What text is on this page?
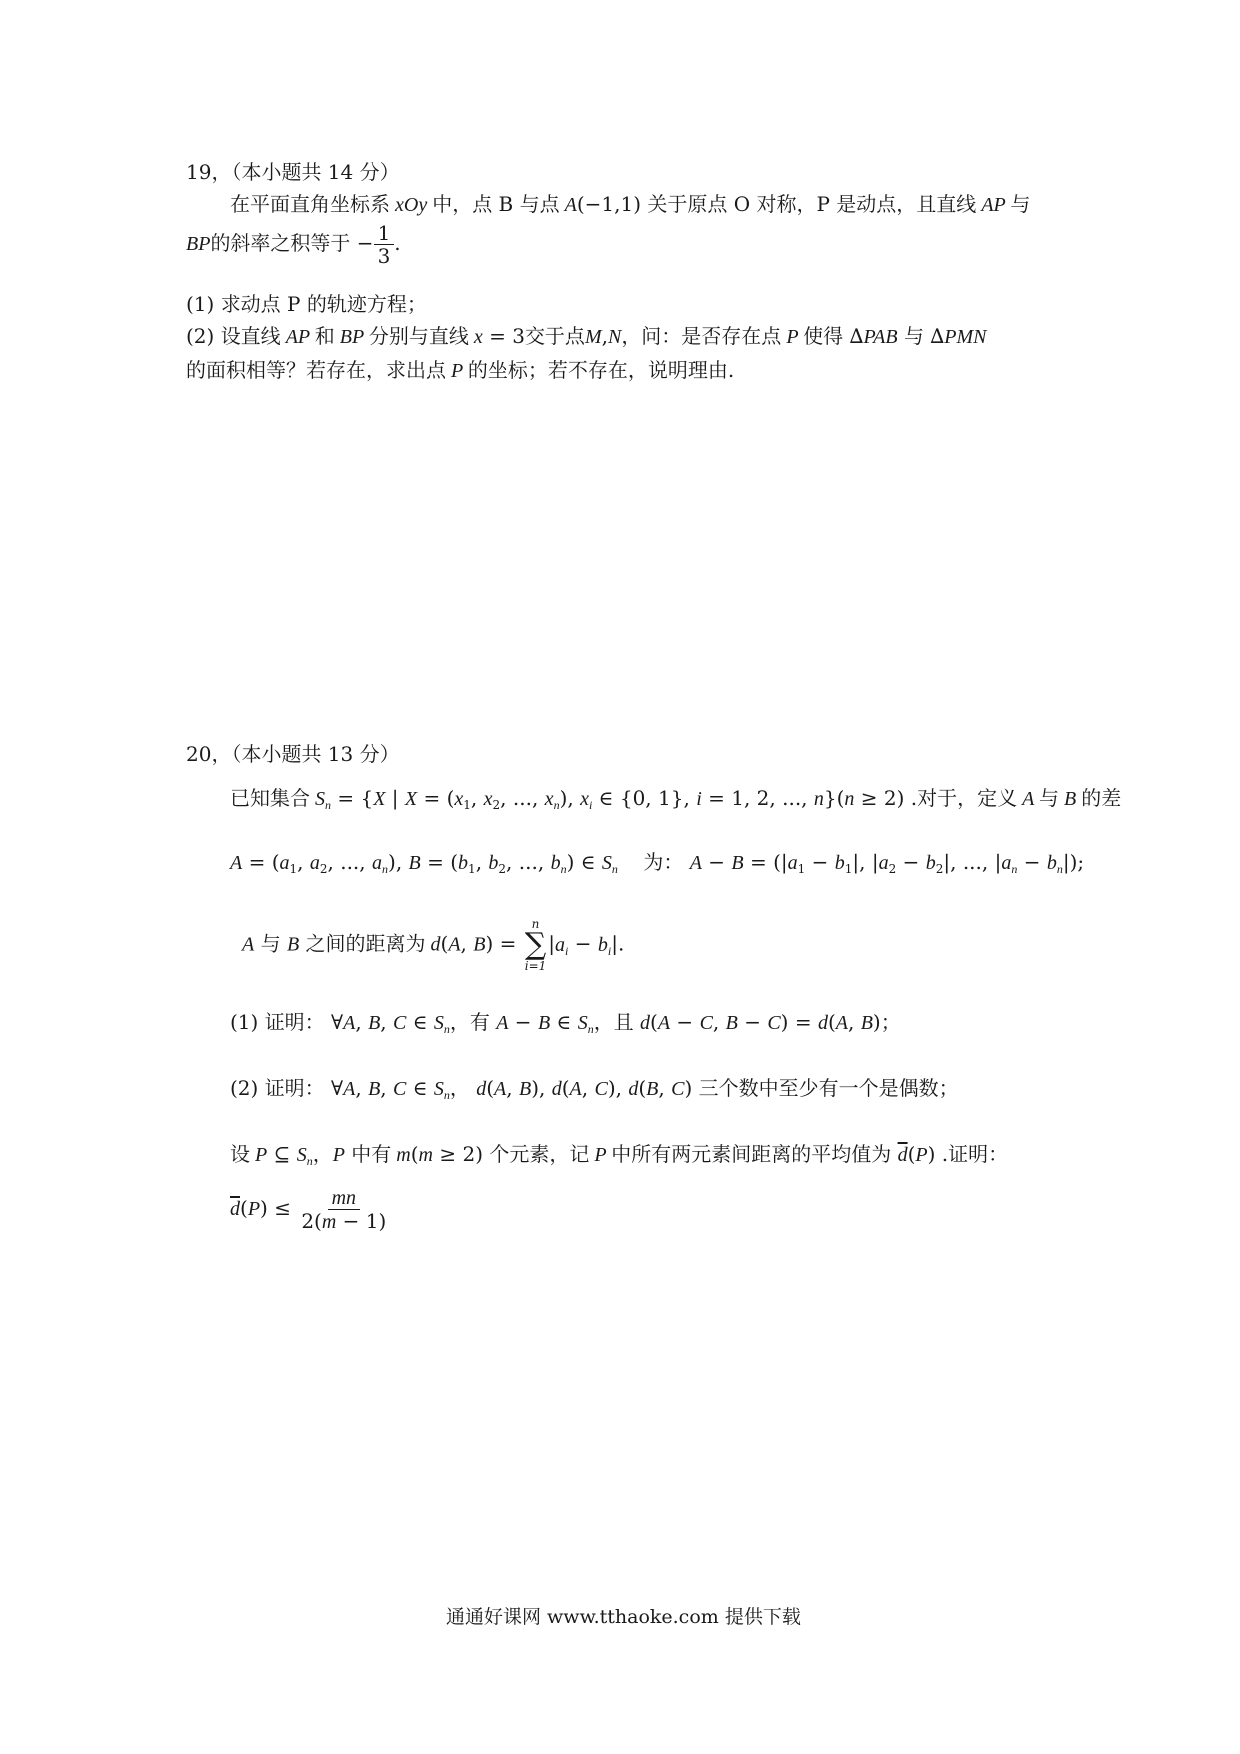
19，（本小题共 14 分）
在平面直角坐标系 xOy 中，点 B 与点 A(−1,1) 关于原点 O 对称，P 是动点，且直线 AP 与
BP的斜率之积等于 − $\frac{1}{3}$ .
(1) 求动点 P 的轨迹方程；
(2) 设直线 AP 和 BP 分别与直线 x = 3交于点M,N，问：是否存在点 P 使得 ∆PAB 与 ∆PMN
的面积相等？若存在，求出点 P 的坐标；若不存在，说明理由.
20，（本小题共 13 分）
已知集合 $S_n = \{X$ | $X = (x_1$, $x_2$, ..., $x_n$), $x_i$ ∈ {0, 1}, i = 1, 2, ..., n}(n ≥ 2) .对于，定义 A 与 B 的差
$A = (a_1$, $a_2$, ..., $a_n$), $B = (b_1$, $b_2$, ..., $b_n$) ∈ $S_n$ 为： $A - B = (|a_1 - b_1|$, $|a_2 - b_2|$, ..., $|a_n - b_n|$);
A 与 B 之间的距离为 d(A, B) =
n
∑
i=1
$|a_i - b_i|$.
(1) 证明： ∀A, B, C ∈ $S_n$，有 A − B ∈ $S_n$，且 d(A − C, B − C) = d(A, B)；
(2) 证明： ∀A, B, C ∈ $S_n$， d(A, B), d(A, C), d(B, C) 三个数中至少有一个是偶数；
设 P ⊆ $S_n$，P 中有 m(m ≥ 2) 个元素，记 P 中所有两元素间距离的平均值为 $\overline{d}(P)$ .证明：
$\overline{d}(P) \le \frac{mn}{2(m - 1)}$
通通好课网 www.tthaoke.com 提供下载
